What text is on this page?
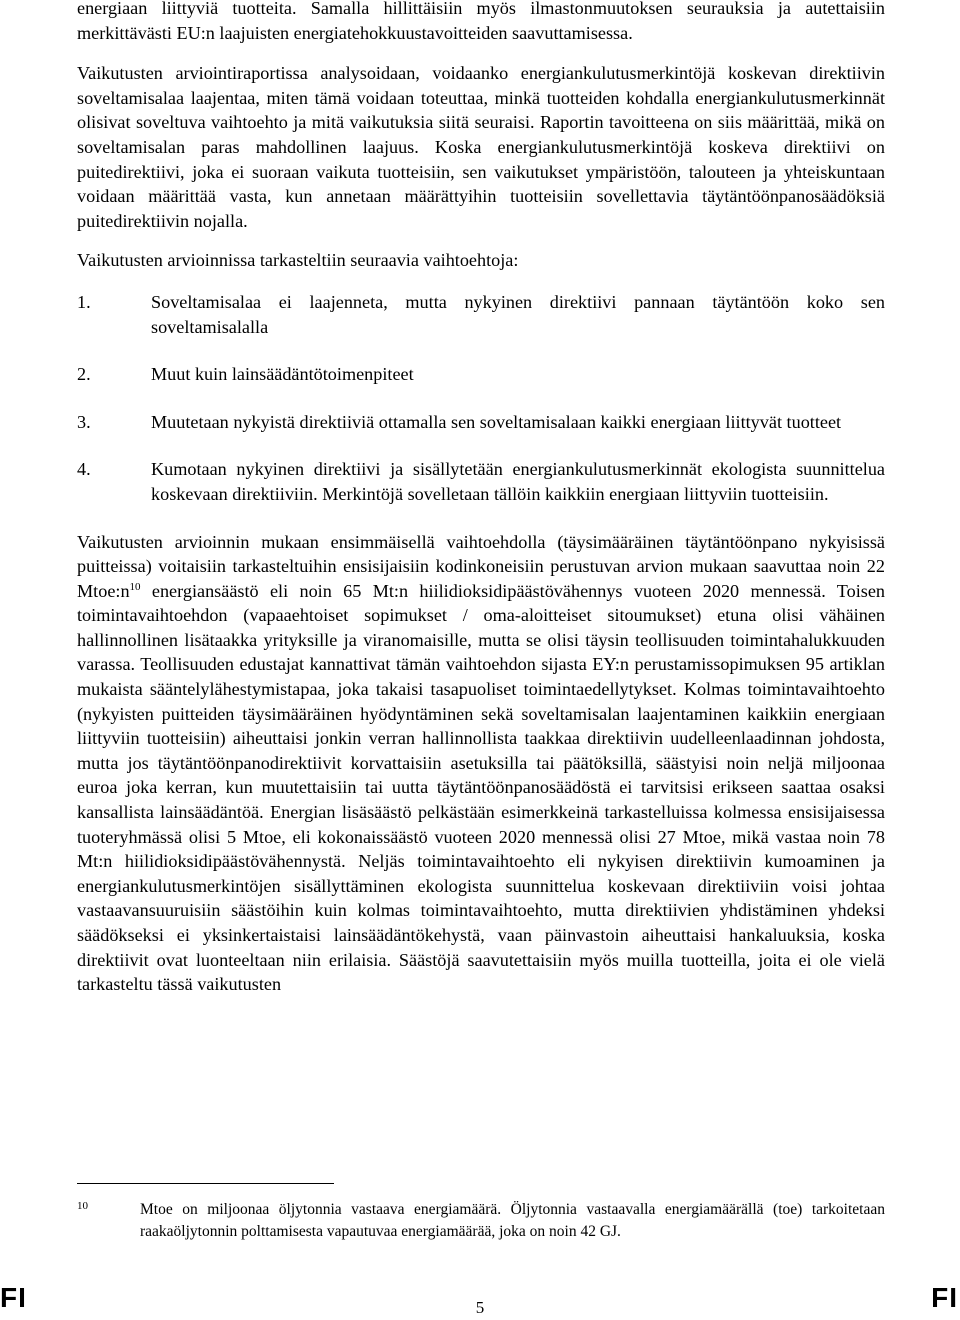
energiaan liittyviä tuotteita. Samalla hillittäisiin myös ilmastonmuutoksen seurauksia ja autettaisiin merkittävästi EU:n laajuisten energiatehokkuustavoitteiden saavuttamisessa.

Vaikutusten arviointiraportissa analysoidaan, voidaanko energiankulutusmerkintöjä koskevan direktiivin soveltamisalaa laajentaa, miten tämä voidaan toteuttaa, minkä tuotteiden kohdalla energiankulutusmerkinnät olisivat soveltuva vaihtoehto ja mitä vaikutuksia siitä seuraisi. Raportin tavoitteena on siis määrittää, mikä on soveltamisalan paras mahdollinen laajuus. Koska energiankulutusmerkintöjä koskeva direktiivi on puitedirektiivi, joka ei suoraan vaikuta tuotteisiin, sen vaikutukset ympäristöön, talouteen ja yhteiskuntaan voidaan määrittää vasta, kun annetaan määrättyihin tuotteisiin sovellettavia täytäntöönpanosäädöksiä puitedirektiivin nojalla.

Vaikutusten arvioinnissa tarkasteltiin seuraavia vaihtoehtoja:

1.	Soveltamisalaa ei laajenneta, mutta nykyinen direktiivi pannaan täytäntöön koko sen soveltamisalalla
2.	Muut kuin lainsäädäntötoimenpiteet
3.	Muutetaan nykyistä direktiiviä ottamalla sen soveltamisalaan kaikki energiaan liittyvät tuotteet
4.	Kumotaan nykyinen direktiivi ja sisällytetään energiankulutusmerkinnät ekologista suunnittelua koskevaan direktiiviin. Merkintöjä sovelletaan tällöin kaikkiin energiaan liittyviin tuotteisiin.

Vaikutusten arvioinnin mukaan ensimmäisellä vaihtoehdolla (täysimääräinen täytäntöönpano nykyisissä puitteissa) voitaisiin tarkasteltuihin ensisijaisiin kodinkoneisiin perustuvan arvion mukaan saavuttaa noin 22 $Mtoe:n^{10}$ energiansäästö eli noin 65 Mt:n hiilidioksidipäästövähennys vuoteen 2020 mennessä. Toisen toimintavaihtoehdon (vapaaehtoiset sopimukset / oma-aloitteiset sitoumukset) etuna olisi vähäinen hallinnollinen lisätaakka yrityksille ja viranomaisille, mutta se olisi täysin teollisuuden toimintahalukkuuden varassa. Teollisuuden edustajat kannattivat tämän vaihtoehdon sijasta EY:n perustamissopimuksen 95 artiklan mukaista sääntelylähestymistapaa, joka takaisi tasapuoliset toimintaedellytykset. Kolmas toimintavaihtoehto (nykyisten puitteiden täysimääräinen hyödyntäminen sekä soveltamisalan laajentaminen kaikkiin energiaan liittyviin tuotteisiin) aiheuttaisi jonkin verran hallinnollista taakkaa direktiivin uudelleenlaadinnan johdosta, mutta jos täytäntöönpanodirektiivit korvattaisiin asetuksilla tai päätöksillä, säästyisi noin neljä miljoonaa euroa joka kerran, kun muutettaisiin tai uutta täytäntöönpanosäädöstä ei tarvitsisi erikseen saattaa osaksi kansallista lainsäädäntöä. Energian lisäsäästö pelkästään esimerkkeinä tarkastelluissa kolmessa ensisijaisessa tuoteryhmässä olisi 5 Mtoe, eli kokonaissäästö vuoteen 2020 mennessä olisi 27 Mtoe, mikä vastaa noin 78 Mt:n hiilidioksidipäästövähennystä. Neljäs toimintavaihtoehto eli nykyisen direktiivin kumoaminen ja energiankulutusmerkintöjen sisällyttäminen ekologista suunnittelua koskevaan direktiiviin voisi johtaa vastaavansuuruisiin säästöihin kuin kolmas toimintavaihtoehto, mutta direktiivien yhdistäminen yhdeksi säädökseksi ei yksinkertaistaisi lainsäädäntökehystä, vaan päinvastoin aiheuttaisi hankaluuksia, koska direktiivit ovat luonteeltaan niin erilaisia. Säästöjä saavutettaisiin myös muilla tuotteilla, joita ei ole vielä tarkasteltu tässä vaikutusten

10	Mtoe on miljoonaa öljytonnia vastaava energiamäärä. Öljytonnia vastaavalla energiamäärällä (toe) tarkoitetaan raakaöljytonnin polttamisesta vapautuvaa energiamäärää, joka on noin 42 GJ.
FI	5	FI
